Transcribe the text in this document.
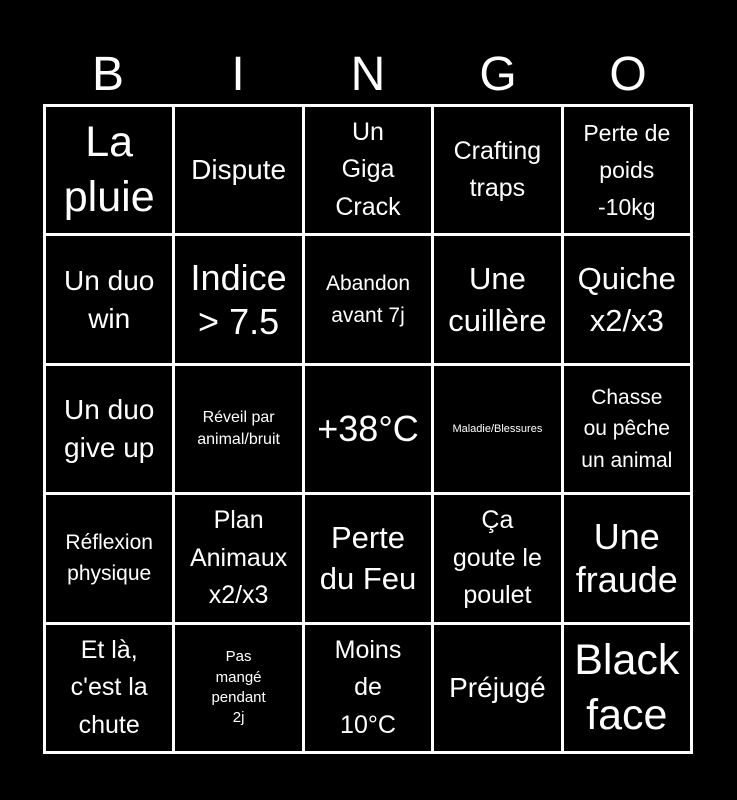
B	I	N	G	O
La
pluie
Dispute
Un
Giga
Crack
Crafting
traps
Perte de
poids
-10kg
Un duo
win
Indice
> 7.5
Abandon
avant 7j
Une
cuillère
Quiche
x2/x3
Un duo
give up
Réveil par
animal/bruit +38°C	Maladie/Blessures
Chasse
ou pêche
un animal
Réflexion
physique
Plan
Animaux
x2/x3
Perte
du Feu
Ça
goute le
poulet
Une
fraude
Et là,
c'est la
chute
Pas
mangé
pendant
2j
Moins
de
10°C
Préjugé
Black
face
